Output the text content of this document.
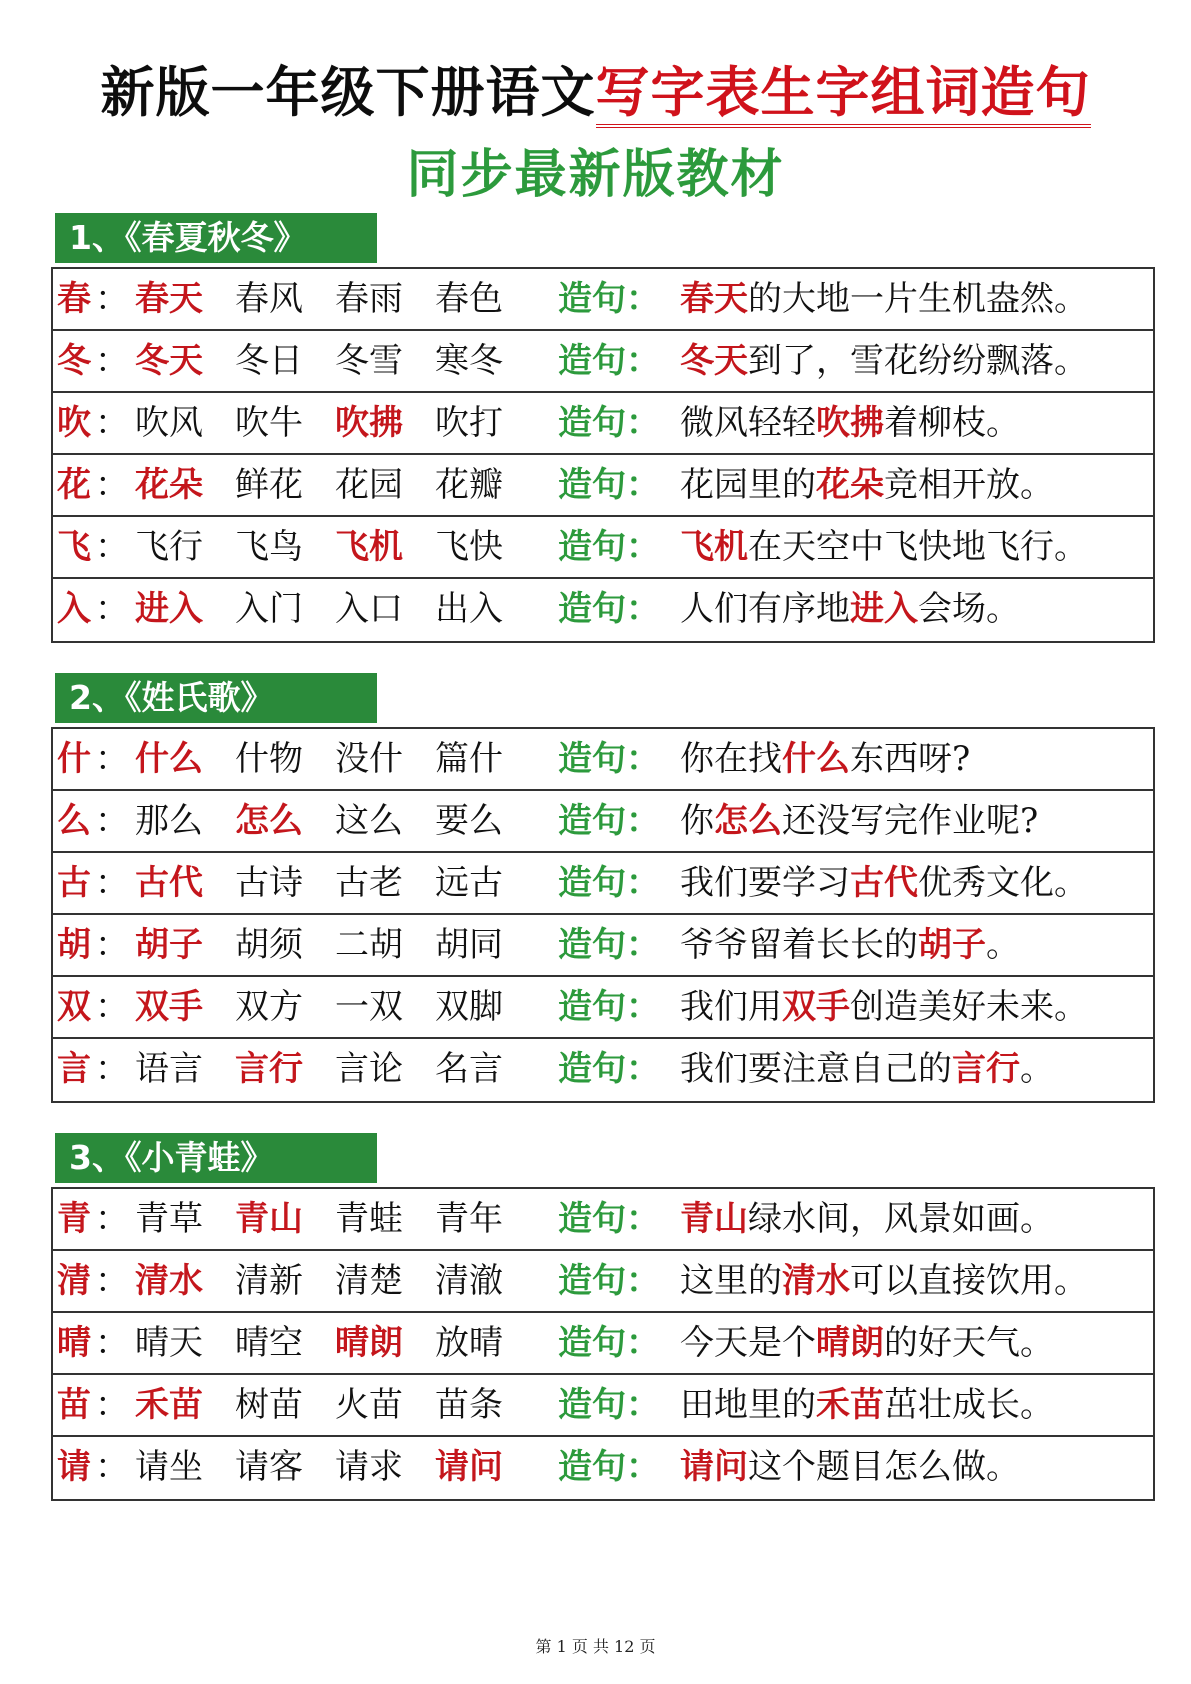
新版一年级下册语文写字表生字组词造句
同步最新版教材
1、《春夏秋冬》
春 ： 春天 春风 春雨 春色 造句： 春天的大地一片生机盎然。
冬 ： 冬天 冬日 冬雪 寒冬 造句： 冬天到了，雪花纷纷飘落。
吹 ： 吹风 吹牛 吹拂 吹打 造句： 微风轻轻吹拂着柳枝。
花 ： 花朵 鲜花 花园 花瓣 造句： 花园里的花朵竞相开放。
飞 ： 飞行 飞鸟 飞机 飞快 造句： 飞机在天空中飞快地飞行。
入 ： 进入 入门 入口 出入 造句： 人们有序地进入会场。
2、《姓氏歌》
什 ： 什么 什物 没什 篇什 造句： 你在找什么东西呀?
么 ： 那么 怎么 这么 要么 造句： 你怎么还没写完作业呢?
古 ： 古代 古诗 古老 远古 造句： 我们要学习古代优秀文化。
胡 ： 胡子 胡须 二胡 胡同 造句： 爷爷留着长长的胡子。
双 ： 双手 双方 一双 双脚 造句： 我们用双手创造美好未来。
言 ： 语言 言行 言论 名言 造句： 我们要注意自己的言行。
3、《小青蛙》
青 ： 青草 青山 青蛙 青年 造句： 青山绿水间，风景如画。
清 ： 清水 清新 清楚 清澈 造句： 这里的清水可以直接饮用。
晴 ： 晴天 晴空 晴朗 放晴 造句： 今天是个晴朗的好天气。
苗 ： 禾苗 树苗 火苗 苗条 造句： 田地里的禾苗茁壮成长。
请 ： 请坐 请客 请求 请问 造句： 请问这个题目怎么做。
第 1 页 共 12 页
